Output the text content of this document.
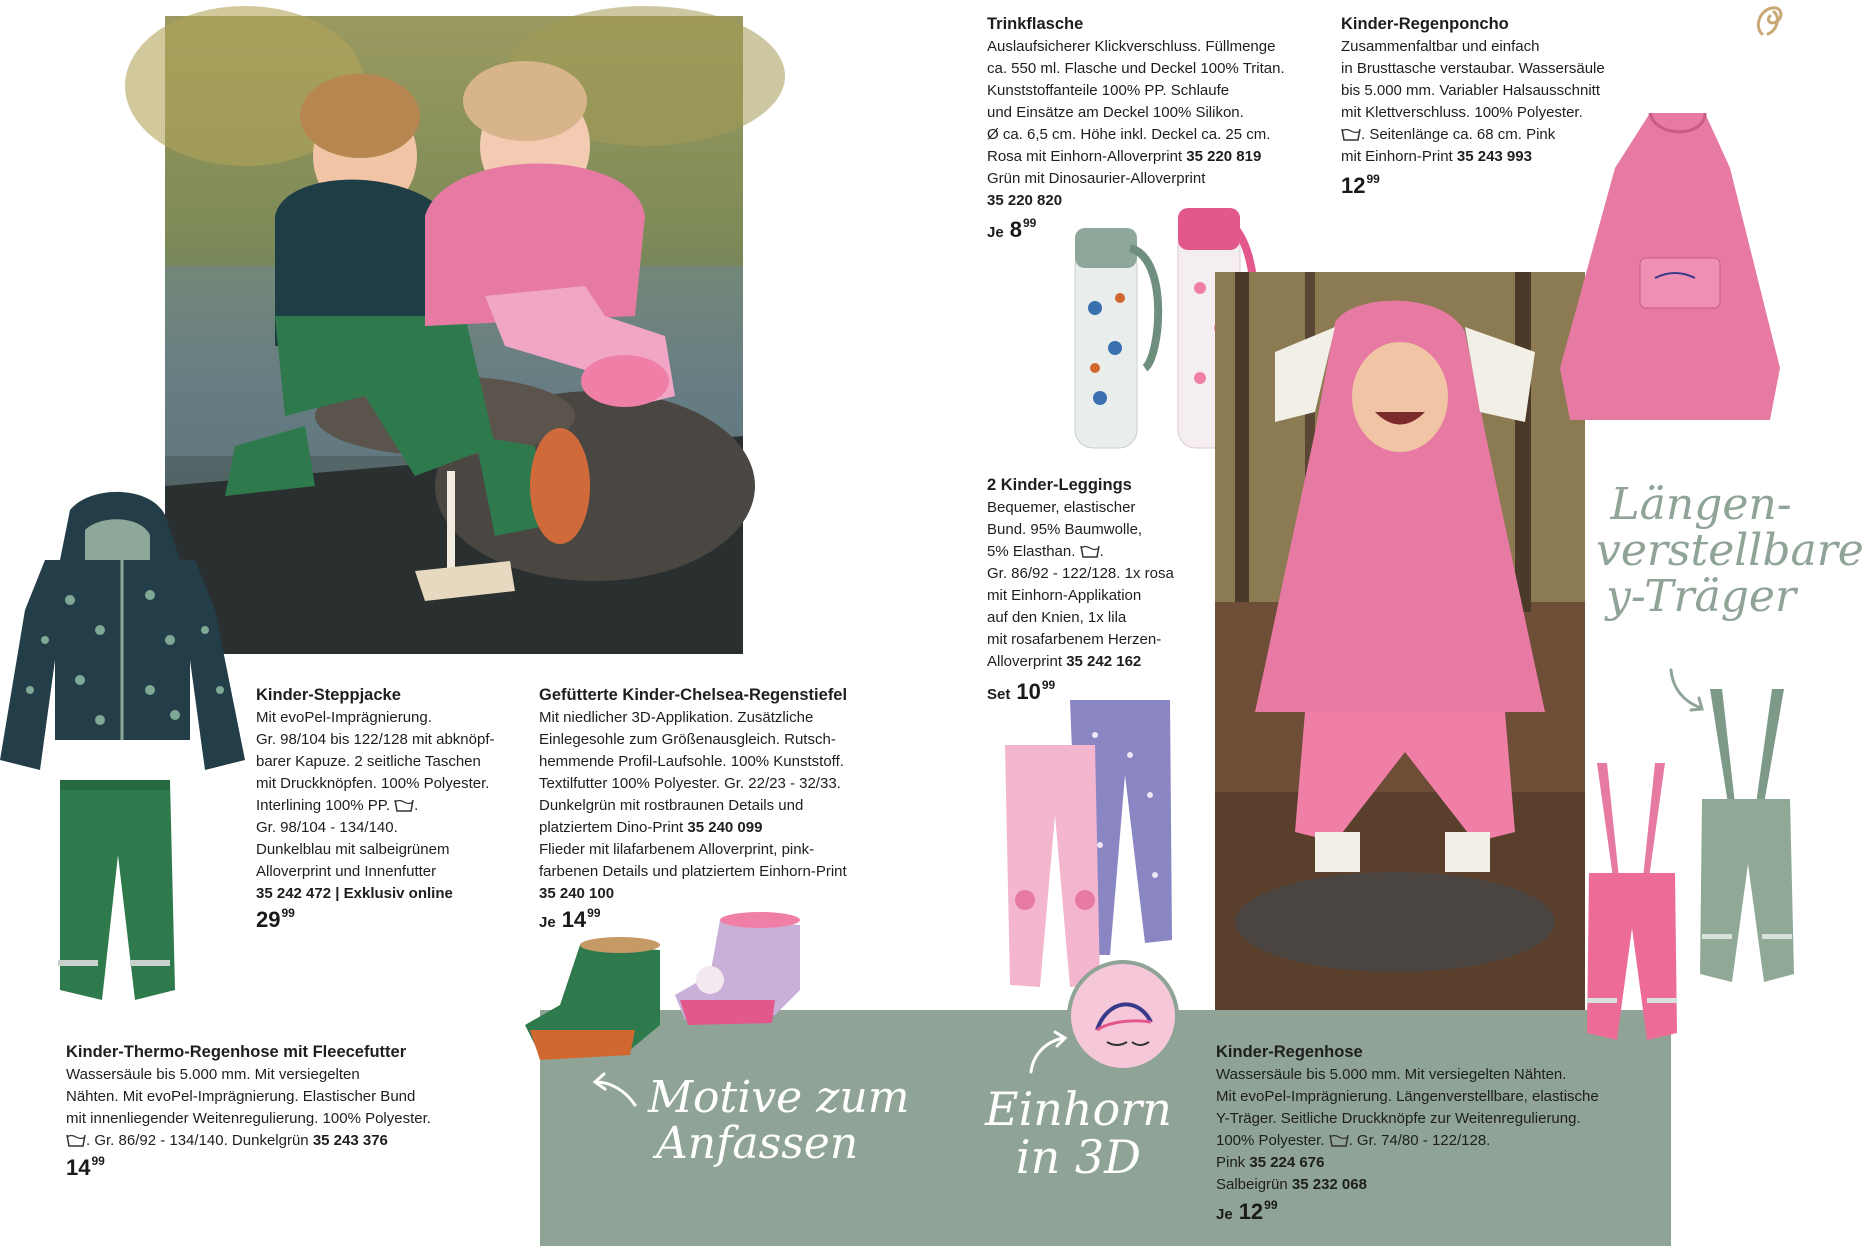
Kinder-Steppjacke
Mit evoPel-Imprägnierung.
Gr. 98/104 bis 122/128 mit abknöpf-
barer Kapuze. 2 seitliche Taschen
mit Druckknöpfen. 100% Polyester.
Interlining 100% PP. .
Gr. 98/104 - 134/140.
Dunkelblau mit salbeigrünem
Alloverprint und Innenfutter
35 242 472 | Exklusiv online
$29^{99}$
Gefütterte Kinder-Chelsea-Regenstiefel
Mit niedlicher 3D-Applikation. Zusätzliche
Einlegesohle zum Größenausgleich. Rutsch-
hemmende Profil-Laufsohle. 100% Kunststoff.
Textilfutter 100% Polyester. Gr. 22/23 - 32/33.
Dunkelgrün mit rostbraunen Details und
platziertem Dino-Print 35 240 099
Flieder mit lilafarbenem Alloverprint, pink-
farbenen Details und platziertem Einhorn-Print
35 240 100
Je $14^{99}$
Kinder-Thermo-Regenhose mit Fleecefutter
Wassersäule bis 5.000 mm. Mit versiegelten
Nähten. Mit evoPel-Imprägnierung. Elastischer Bund
mit innenliegender Weitenregulierung. 100% Polyester.
. Gr. 86/92 - 134/140. Dunkelgrün 35 243 376
$14^{99}$
Trinkflasche
Auslaufsicherer Klickverschluss. Füllmenge
ca. 550 ml. Flasche und Deckel 100% Tritan.
Kunststoffanteile 100% PP. Schlaufe
und Einsätze am Deckel 100% Silikon.
Ø ca. 6,5 cm. Höhe inkl. Deckel ca. 25 cm.
Rosa mit Einhorn-Alloverprint 35 220 819
Grün mit Dinosaurier-Alloverprint
35 220 820
Je $8^{99}$
Kinder-Regenponcho
Zusammenfaltbar und einfach
in Brusttasche verstaubar. Wassersäule
bis 5.000 mm. Variabler Halsausschnitt
mit Klettverschluss. 100% Polyester.
. Seitenlänge ca. 68 cm. Pink
mit Einhorn-Print 35 243 993
$12^{99}$
2 Kinder-Leggings
Bequemer, elastischer
Bund. 95% Baumwolle,
5% Elasthan. .
Gr. 86/92 - 122/128. 1x rosa
mit Einhorn-Applikation
auf den Knien, 1x lila
mit rosafarbenem Herzen-
Alloverprint 35 242 162
Set $10^{99}$
Kinder-Regenhose
Wassersäule bis 5.000 mm. Mit versiegelten Nähten.
Mit evoPel-Imprägnierung. Längenverstellbare, elastische
Y-Träger. Seitliche Druckknöpfe zur Weitenregulierung.
100% Polyester. . Gr. 74/80 - 122/128.
Pink 35 224 676
Salbeigrün 35 232 068
Je $12^{99}$
Motive zum
Anfassen
Einhorn
in 3D
Längen-
verstellbare
y-Träger
